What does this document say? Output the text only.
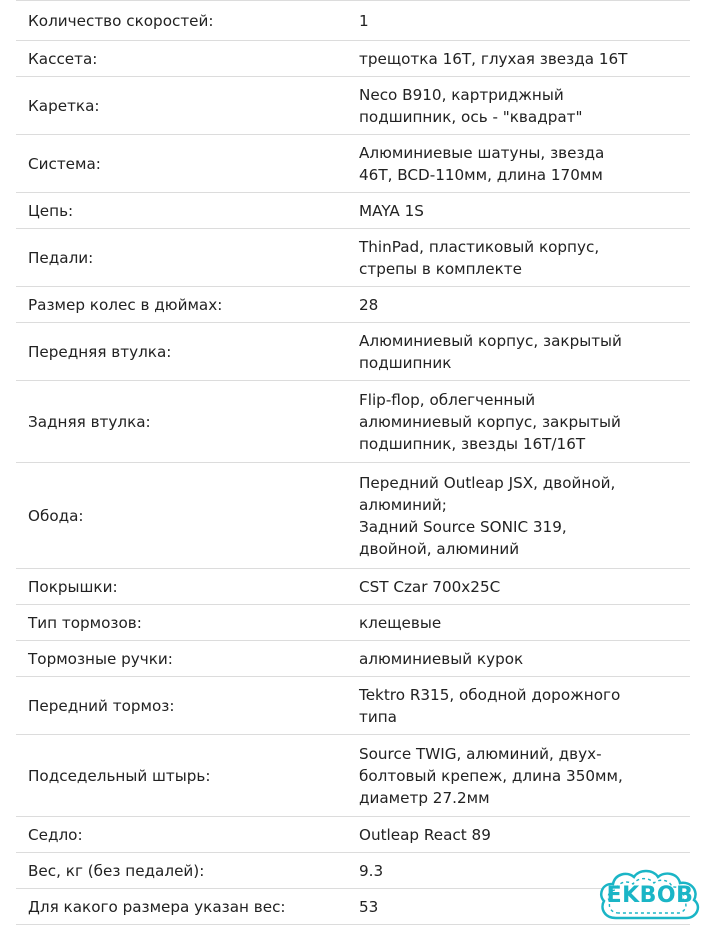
Количество скоростей:	1

Кассета:	трещотка 16T, глухая звезда 16T

Каретка:	Neco B910, картриджный
подшипник, ось - "квадрат"

Система:	Алюминиевые шатуны, звезда
46T, BCD-110мм, длина 170мм

Цепь:	MAYA 1S

Педали:	ThinPad, пластиковый корпус,
стрепы в комплекте

Размер колес в дюймах:	28

Передняя втулка:	Алюминиевый корпус, закрытый
подшипник

Задняя втулка:	Flip-flop, облегченный
алюминиевый корпус, закрытый
подшипник, звезды 16T/16T

Обода:	Передний Outleap JSX, двойной,
алюминий;
Задний Source SONIC 319,
двойной, алюминий

Покрышки:	CST Czar 700x25C

Тип тормозов:	клещевые

Тормозные ручки:	алюминиевый курок

Передний тормоз:	Tektro R315, ободной дорожного
типа

Подседельный штырь:	Source TWIG, алюминий, двух-
болтовый крепеж, длина 350мм,
диаметр 27.2мм

Седло:	Outleap React 89

Вес, кг (без педалей):	9.3

Для какого размера указан вес:	53	EKBOB
